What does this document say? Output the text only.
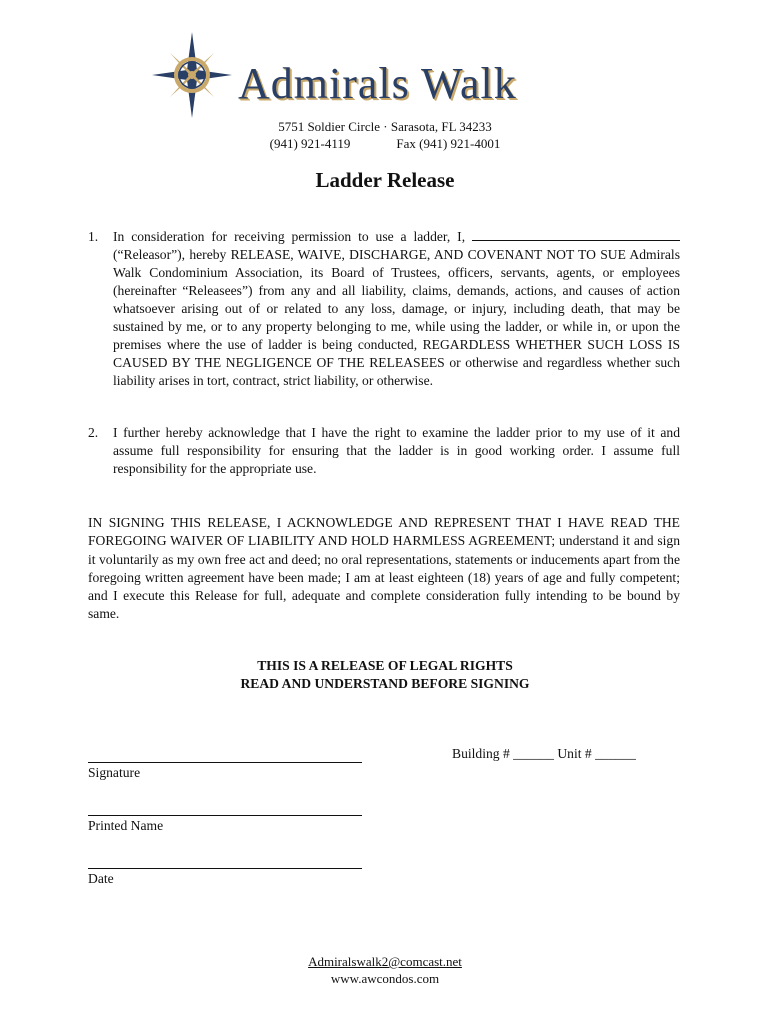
Admirals Walk
5751 Soldier Circle · Sarasota, FL 34233
(941) 921-4119	Fax (941) 921-4001
Ladder Release
1. In consideration for receiving permission to use a ladder, I,  (“Releasor”), hereby RELEASE, WAIVE, DISCHARGE, AND COVENANT NOT TO SUE Admirals Walk Condominium Association, its Board of Trustees, officers, servants, agents, or employees (hereinafter “Releasees”) from any and all liability, claims, demands, actions, and causes of action whatsoever arising out of or related to any loss, damage, or injury, including death, that may be sustained by me, or to any property belonging to me, while using the ladder, or while in, or upon the premises where the use of ladder is being conducted, REGARDLESS WHETHER SUCH LOSS IS CAUSED BY THE NEGLIGENCE OF THE RELEASEES or otherwise and regardless whether such liability arises in tort, contract, strict liability, or otherwise.
2. I further hereby acknowledge that I have the right to examine the ladder prior to my use of it and assume full responsibility for ensuring that the ladder is in good working order. I assume full responsibility for the appropriate use.
IN SIGNING THIS RELEASE, I ACKNOWLEDGE AND REPRESENT THAT I HAVE READ THE FOREGOING WAIVER OF LIABILITY AND HOLD HARMLESS AGREEMENT; understand it and sign it voluntarily as my own free act and deed; no oral representations, statements or inducements apart from the foregoing written agreement have been made; I am at least eighteen (18) years of age and fully competent; and I execute this Release for full, adequate and complete consideration fully intending to be bound by same.
THIS IS A RELEASE OF LEGAL RIGHTS
READ AND UNDERSTAND BEFORE SIGNING
Signature
Building # ______ Unit # ______
Printed Name
Date
Admiralswalk2@comcast.net
www.awcondos.com
